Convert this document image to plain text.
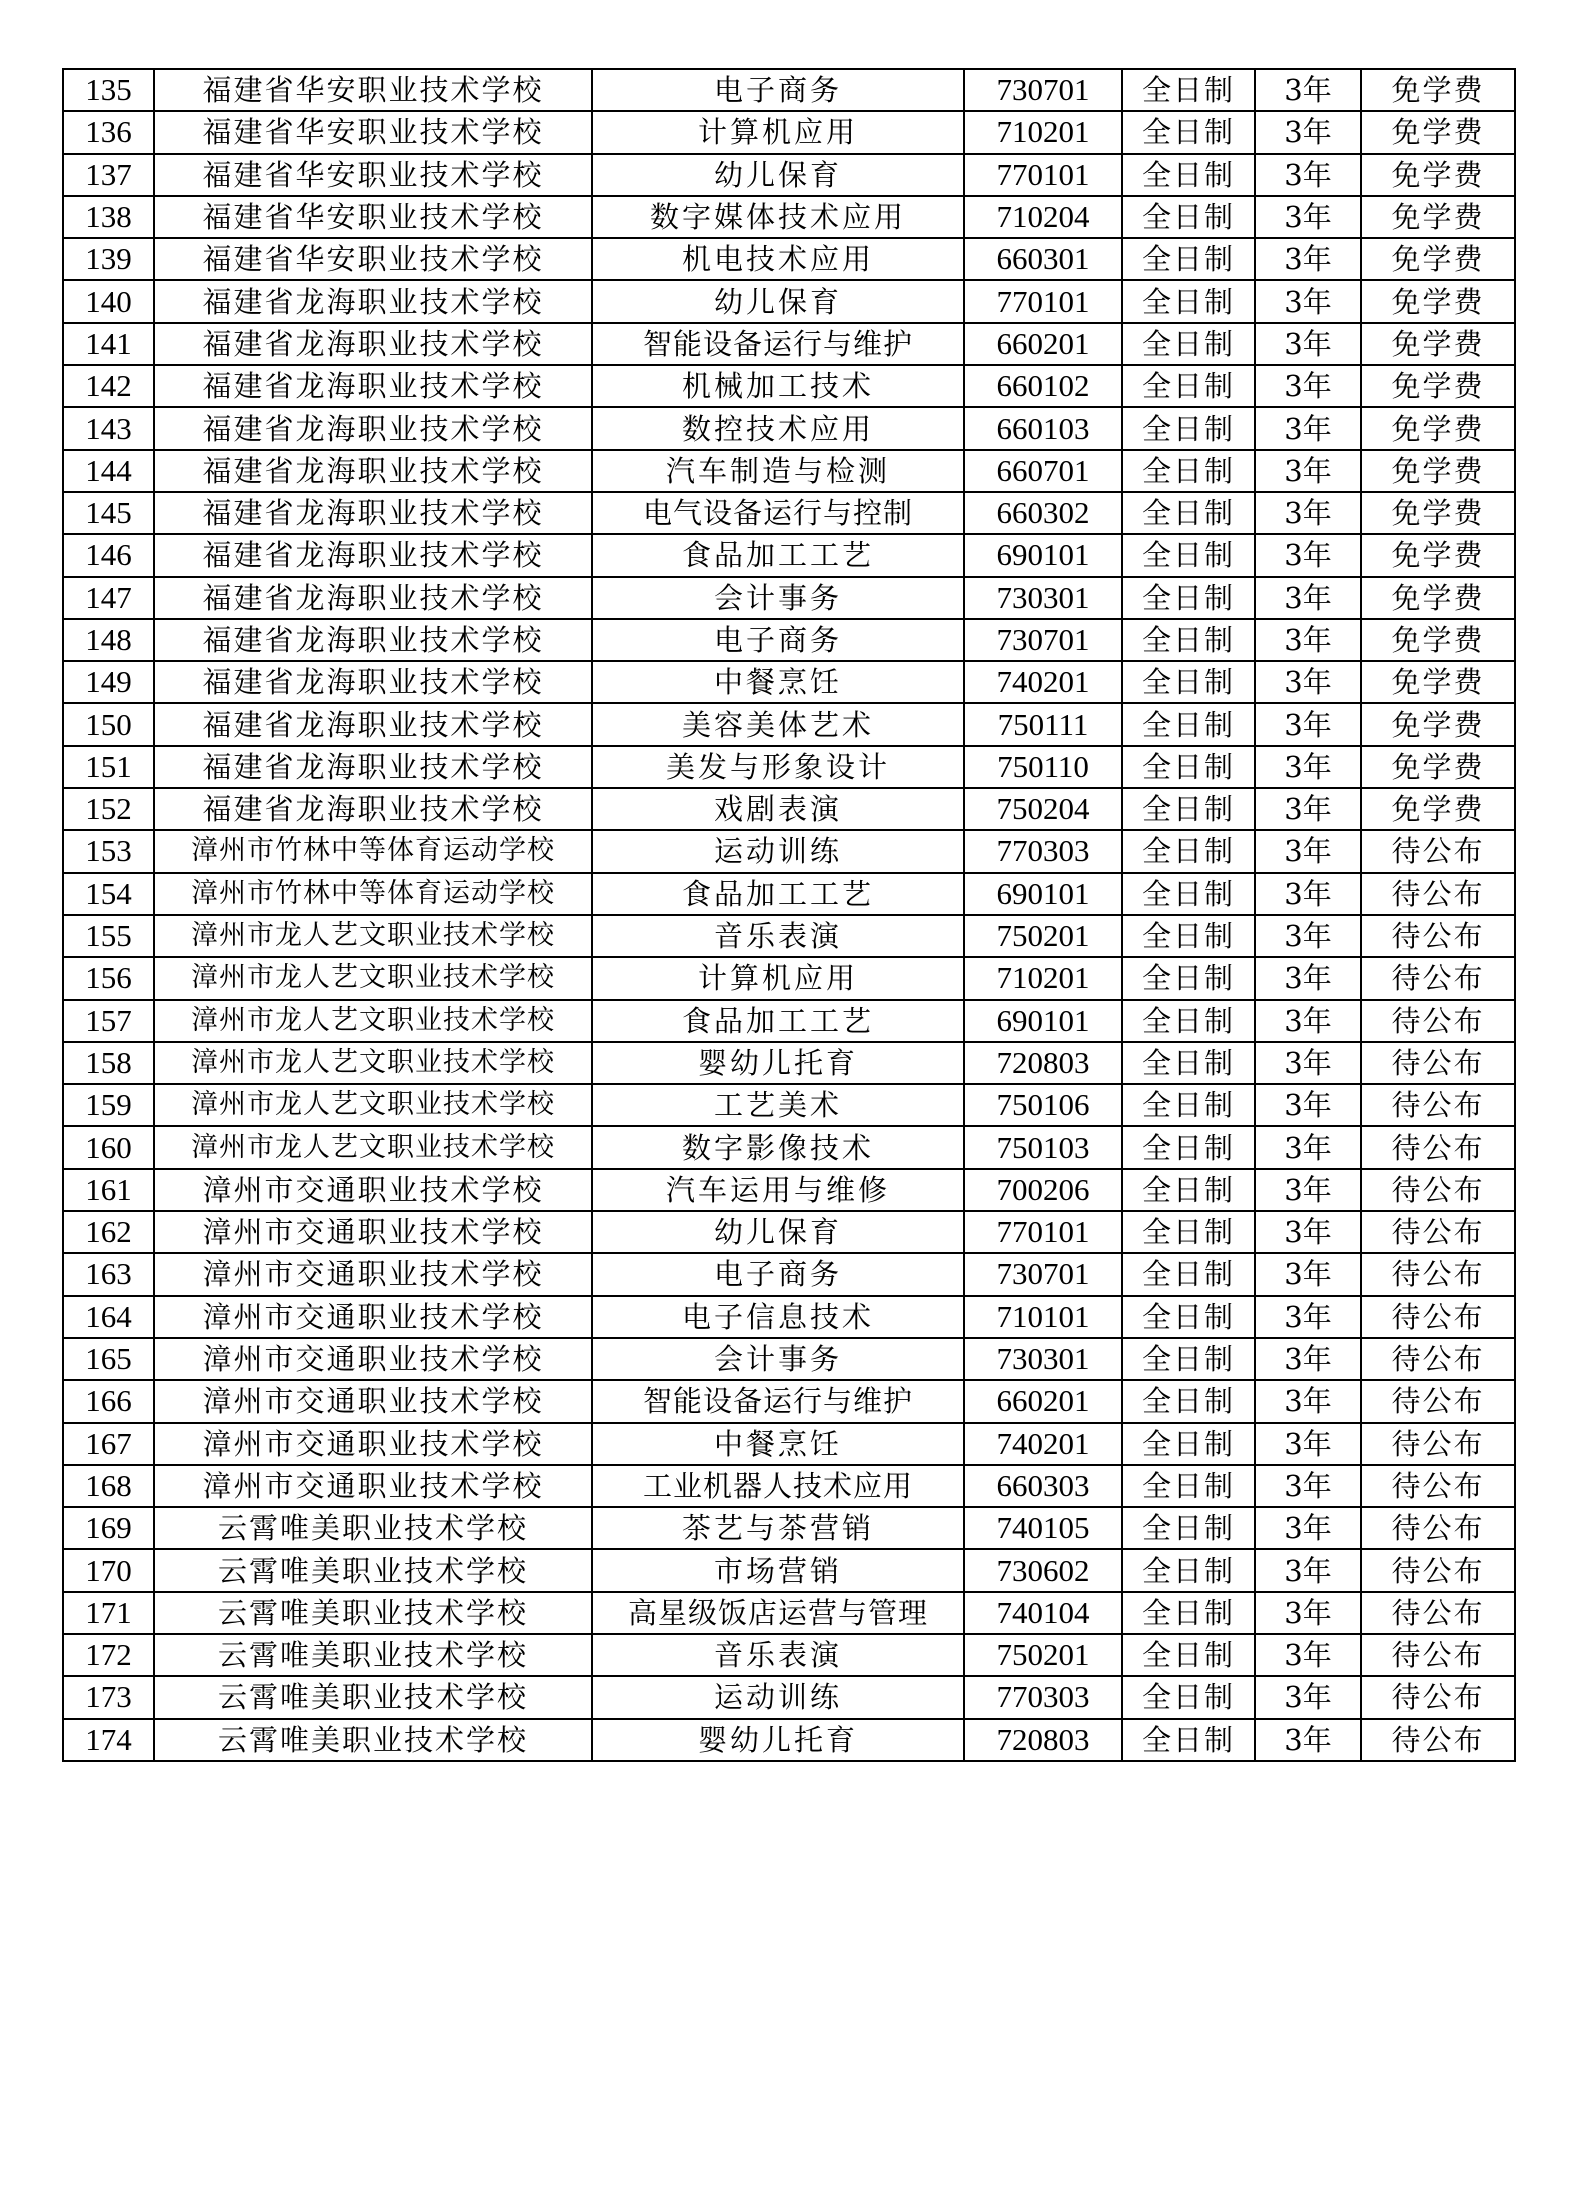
135	福建省华安职业技术学校	电子商务	730701	全日制	3年	免学费
136	福建省华安职业技术学校	计算机应用	710201	全日制	3年	免学费
137	福建省华安职业技术学校	幼儿保育	770101	全日制	3年	免学费
138	福建省华安职业技术学校	数字媒体技术应用	710204	全日制	3年	免学费
139	福建省华安职业技术学校	机电技术应用	660301	全日制	3年	免学费
140	福建省龙海职业技术学校	幼儿保育	770101	全日制	3年	免学费
141	福建省龙海职业技术学校	智能设备运行与维护	660201	全日制	3年	免学费
142	福建省龙海职业技术学校	机械加工技术	660102	全日制	3年	免学费
143	福建省龙海职业技术学校	数控技术应用	660103	全日制	3年	免学费
144	福建省龙海职业技术学校	汽车制造与检测	660701	全日制	3年	免学费
145	福建省龙海职业技术学校	电气设备运行与控制	660302	全日制	3年	免学费
146	福建省龙海职业技术学校	食品加工工艺	690101	全日制	3年	免学费
147	福建省龙海职业技术学校	会计事务	730301	全日制	3年	免学费
148	福建省龙海职业技术学校	电子商务	730701	全日制	3年	免学费
149	福建省龙海职业技术学校	中餐烹饪	740201	全日制	3年	免学费
150	福建省龙海职业技术学校	美容美体艺术	750111	全日制	3年	免学费
151	福建省龙海职业技术学校	美发与形象设计	750110	全日制	3年	免学费
152	福建省龙海职业技术学校	戏剧表演	750204	全日制	3年	免学费
153	漳州市竹林中等体育运动学校	运动训练	770303	全日制	3年	待公布
154	漳州市竹林中等体育运动学校	食品加工工艺	690101	全日制	3年	待公布
155	漳州市龙人艺文职业技术学校	音乐表演	750201	全日制	3年	待公布
156	漳州市龙人艺文职业技术学校	计算机应用	710201	全日制	3年	待公布
157	漳州市龙人艺文职业技术学校	食品加工工艺	690101	全日制	3年	待公布
158	漳州市龙人艺文职业技术学校	婴幼儿托育	720803	全日制	3年	待公布
159	漳州市龙人艺文职业技术学校	工艺美术	750106	全日制	3年	待公布
160	漳州市龙人艺文职业技术学校	数字影像技术	750103	全日制	3年	待公布
161	漳州市交通职业技术学校	汽车运用与维修	700206	全日制	3年	待公布
162	漳州市交通职业技术学校	幼儿保育	770101	全日制	3年	待公布
163	漳州市交通职业技术学校	电子商务	730701	全日制	3年	待公布
164	漳州市交通职业技术学校	电子信息技术	710101	全日制	3年	待公布
165	漳州市交通职业技术学校	会计事务	730301	全日制	3年	待公布
166	漳州市交通职业技术学校	智能设备运行与维护	660201	全日制	3年	待公布
167	漳州市交通职业技术学校	中餐烹饪	740201	全日制	3年	待公布
168	漳州市交通职业技术学校	工业机器人技术应用	660303	全日制	3年	待公布
169	云霄唯美职业技术学校	茶艺与茶营销	740105	全日制	3年	待公布
170	云霄唯美职业技术学校	市场营销	730602	全日制	3年	待公布
171	云霄唯美职业技术学校	高星级饭店运营与管理	740104	全日制	3年	待公布
172	云霄唯美职业技术学校	音乐表演	750201	全日制	3年	待公布
173	云霄唯美职业技术学校	运动训练	770303	全日制	3年	待公布
174	云霄唯美职业技术学校	婴幼儿托育	720803	全日制	3年	待公布
